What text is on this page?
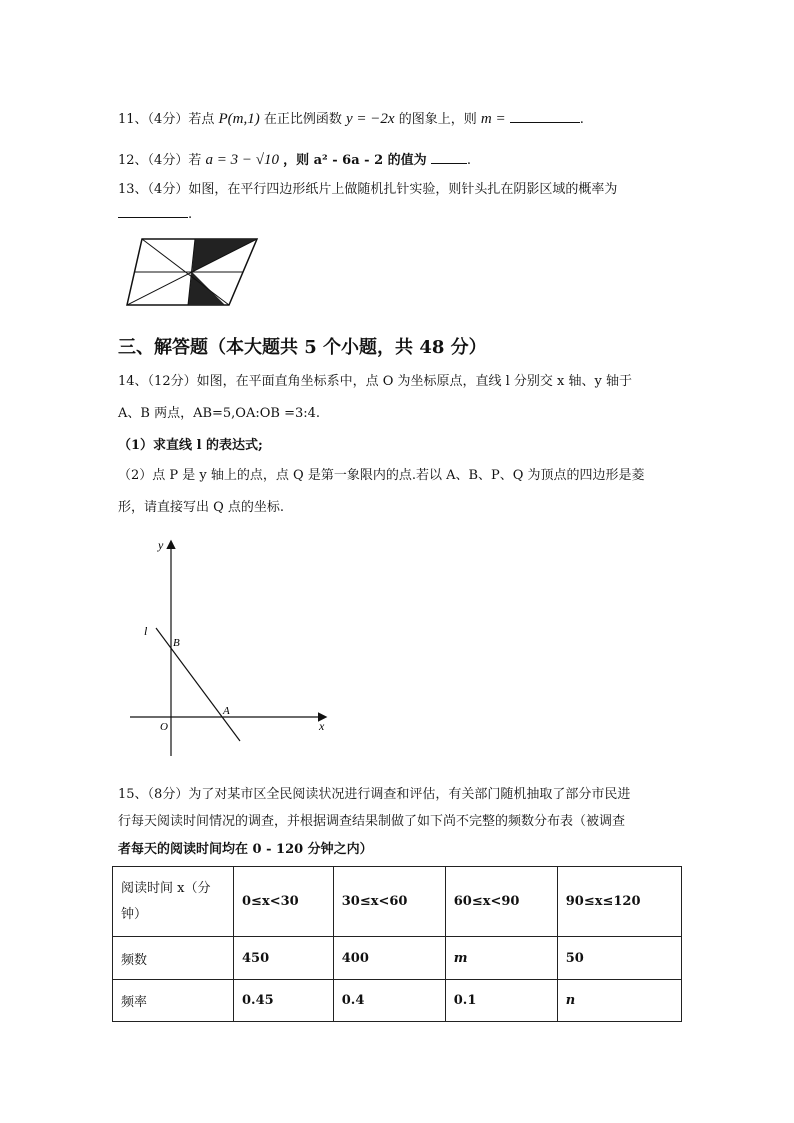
11、（4分）若点 P(m,1) 在正比例函数 y = −2x 的图象上，则 m =	.
12、（4分）若 a = 3 − √10 ，则 a² - 6a - 2 的值为	.
13、（4分）如图，在平行四边形纸片上做随机扎针实验，则针头扎在阴影区域的概率为
.
三、解答题（本大题共 5 个小题，共 48 分）
14、（12分）如图，在平面直角坐标系中，点 O 为坐标原点，直线 l 分别交 x 轴、y 轴于
A、B 两点，AB=5,OA:OB =3:4.
（1）求直线 l 的表达式;
（2）点 P 是 y 轴上的点，点 Q 是第一象限内的点.若以 A、B、P、Q 为顶点的四边形是菱
形，请直接写出 Q 点的坐标.
y
x
l
B
A
O
15、（8分）为了对某市区全民阅读状况进行调查和评估，有关部门随机抽取了部分市民进
行每天阅读时间情况的调查，并根据调查结果制做了如下尚不完整的频数分布表（被调查
者每天的阅读时间均在 0 - 120 分钟之内）
阅读时间 x（分钟）	0≤x<30	30≤x<60	60≤x<90	90≤x≤120
频数	450	400	m	50
频率	0.45	0.4	0.1	n
